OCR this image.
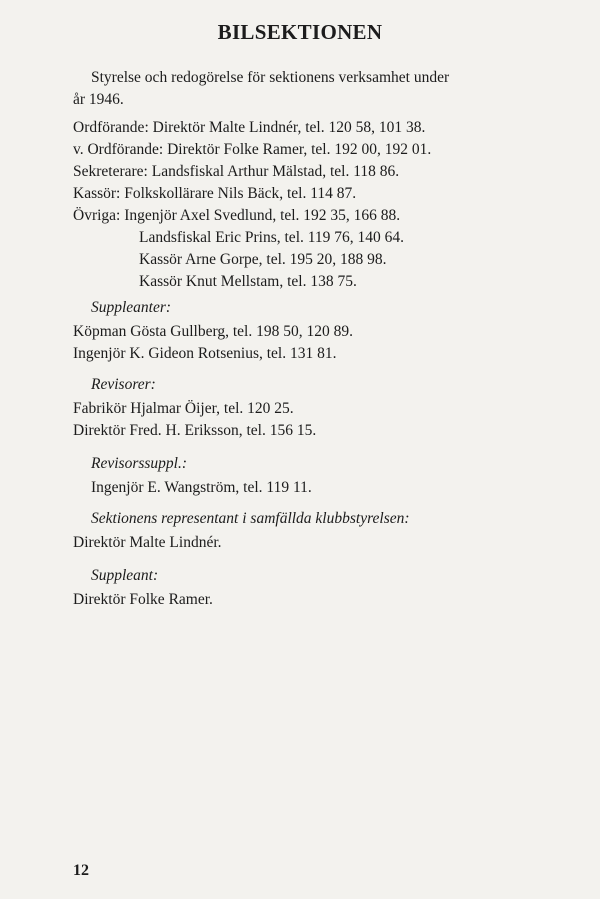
BILSEKTIONEN
Styrelse och redogörelse för sektionens verksamhet under
år 1946.
Ordförande: Direktör Malte Lindnér, tel. 120 58, 101 38.
v. Ordförande: Direktör Folke Ramer, tel. 192 00, 192 01.
Sekreterare: Landsfiskal Arthur Mälstad, tel. 118 86.
Kassör: Folkskollärare Nils Bäck, tel. 114 87.
Övriga: Ingenjör Axel Svedlund, tel. 192 35, 166 88.
Landsfiskal Eric Prins, tel. 119 76, 140 64.
Kassör Arne Gorpe, tel. 195 20, 188 98.
Kassör Knut Mellstam, tel. 138 75.
Suppleanter:
Köpman Gösta Gullberg, tel. 198 50, 120 89.
Ingenjör K. Gideon Rotsenius, tel. 131 81.
Revisorer:
Fabrikör Hjalmar Öijer, tel. 120 25.
Direktör Fred. H. Eriksson, tel. 156 15.
Revisorssuppl.:
Ingenjör E. Wangström, tel. 119 11.
Sektionens representant i samfällda klubbstyrelsen:
Direktör Malte Lindnér.
Suppleant:
Direktör Folke Ramer.
12
